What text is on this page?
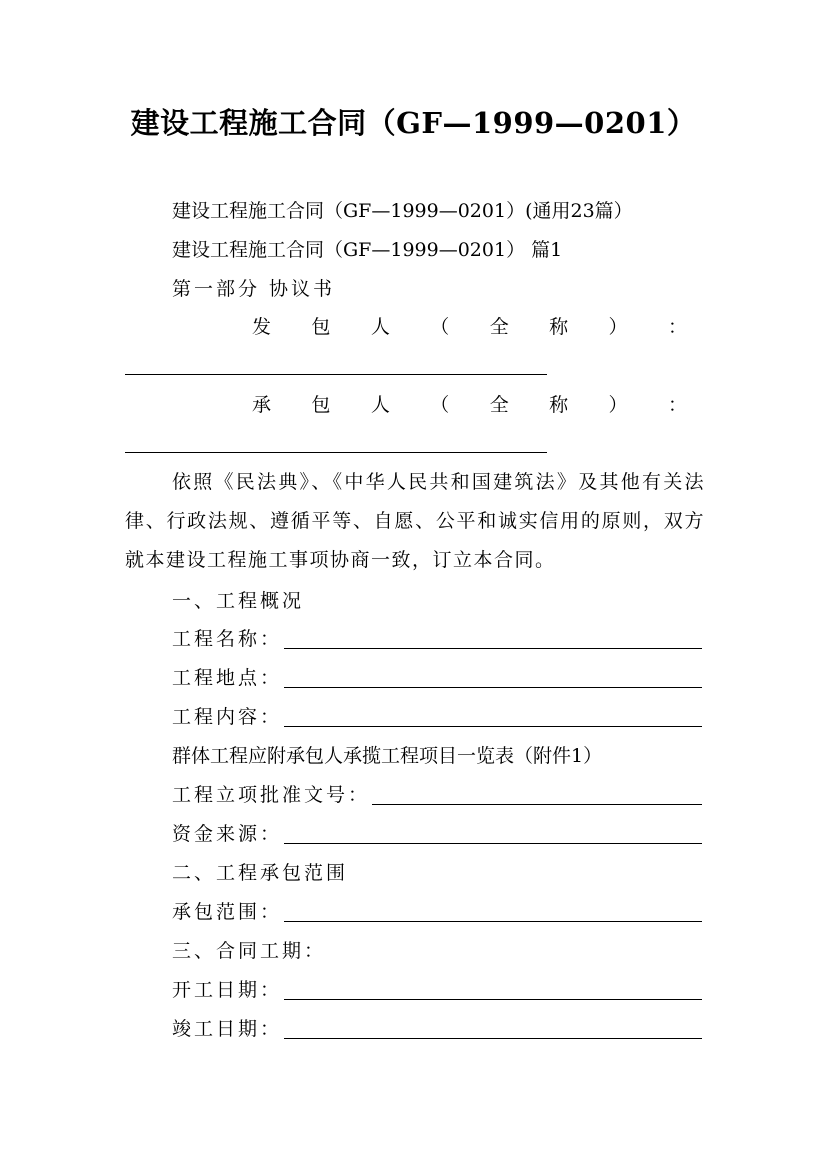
建设工程施工合同（GF—1999—0201）
建设工程施工合同（GF—1999—0201）(通用23篇）
建设工程施工合同（GF—1999—0201） 篇1
第一部分 协议书
发 包 人 （ 全 称 ） ：
承 包 人 （ 全 称 ） ：
依照《民法典》、《中华人民共和国建筑法》及其他有关法律、行政法规、遵循平等、自愿、公平和诚实信用的原则，双方就本建设工程施工事项协商一致，订立本合同。
一、工程概况
工程名称：
工程地点：
工程内容：
群体工程应附承包人承揽工程项目一览表（附件1）
工程立项批准文号：
资金来源：
二、工程承包范围
承包范围：
三、合同工期：
开工日期：
竣工日期：
